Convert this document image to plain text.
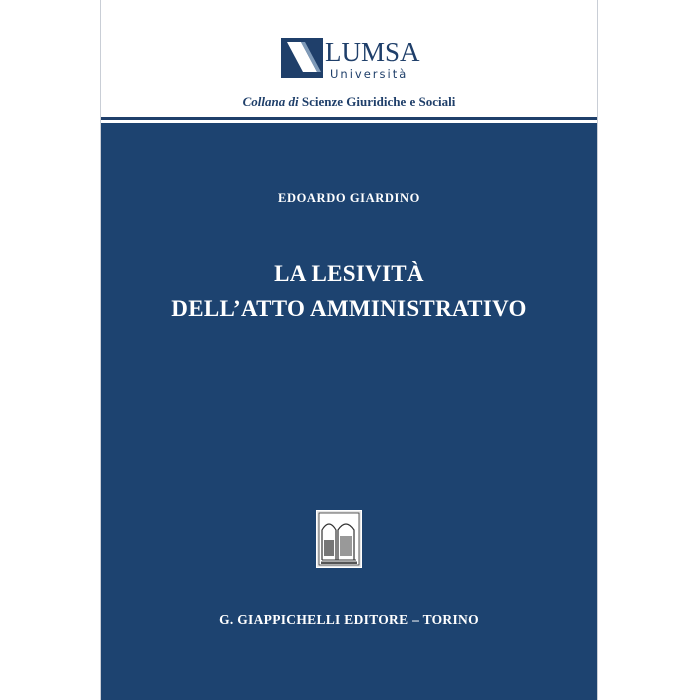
LUMSA
Università
Collana di Scienze Giuridiche e Sociali
EDOARDO GIARDINO
LA LESIVITÀ
DELL’ATTO AMMINISTRATIVO
G. GIAPPICHELLI EDITORE – TORINO
